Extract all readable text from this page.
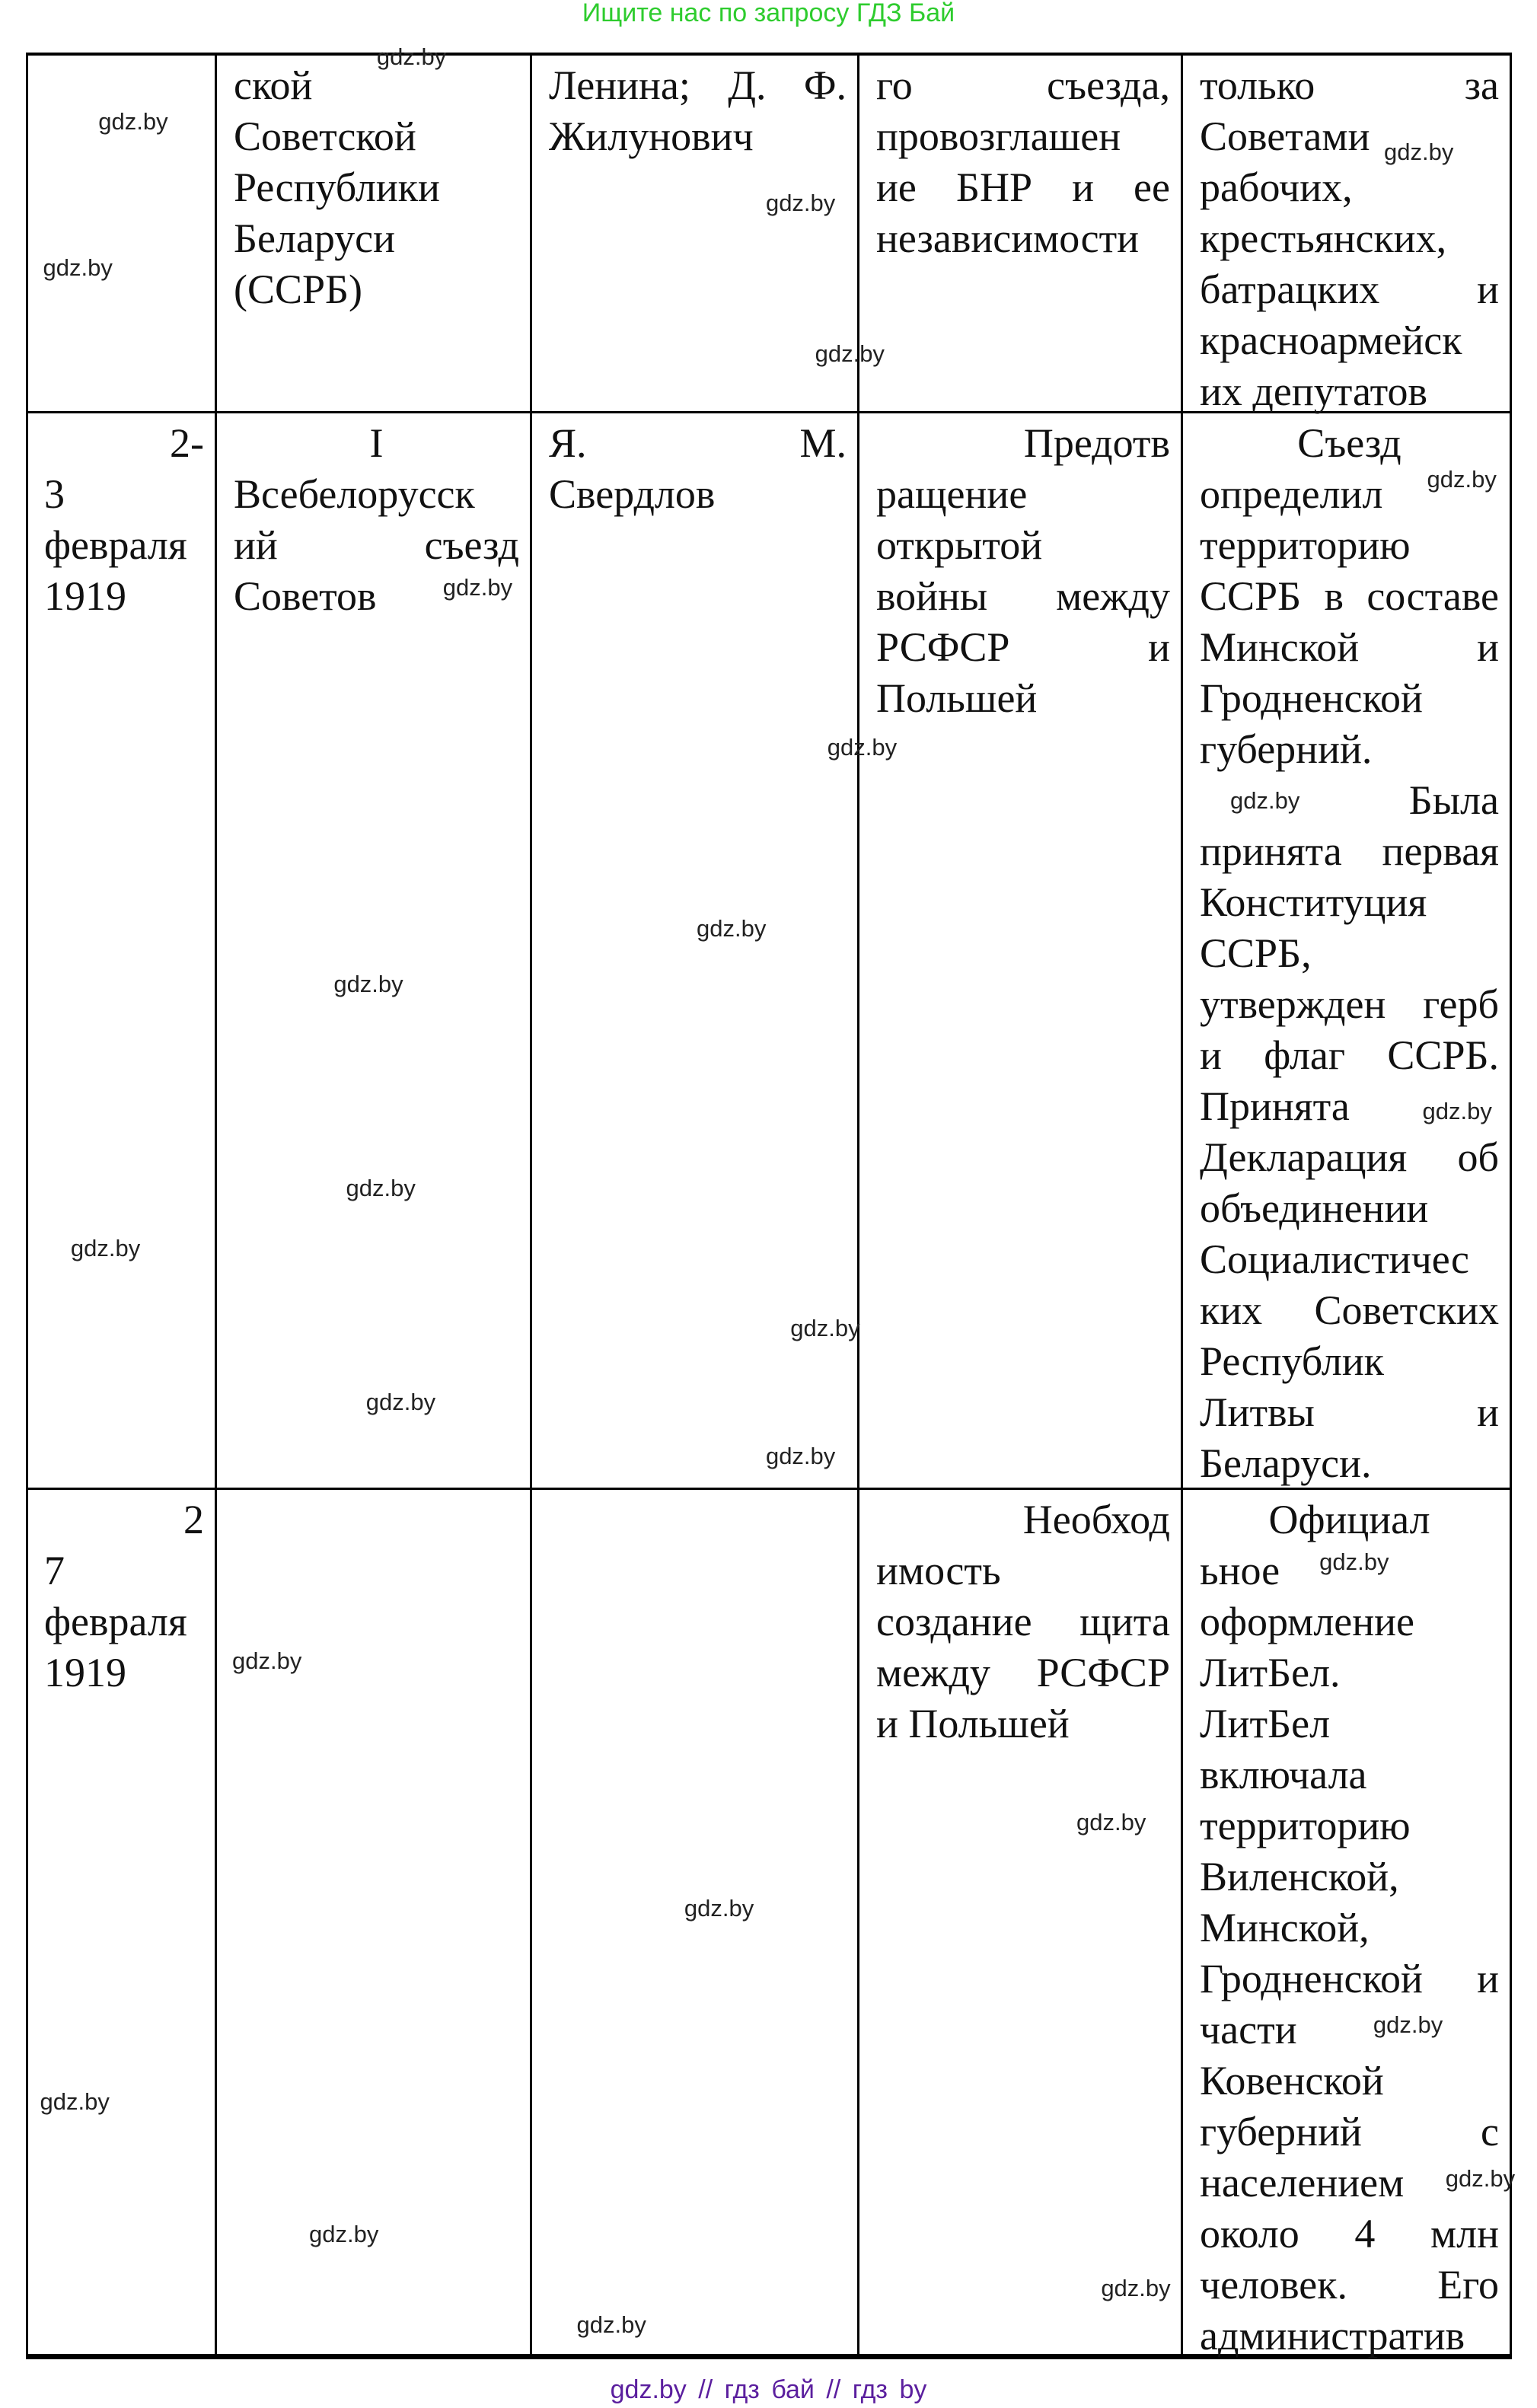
Ищите нас по запросу ГДЗ Бай
gdz.by // гдз бай // гдз by
ской
Советской
Республики
Беларуси
(ССРБ)
Ленина; Д. Ф.
Жилунович
го съезда,
провозглашен
ие БНР и ее
независимости
только за
Советами
рабочих,
крестьянских,
батрацких и
красноармейск
их депутатов
2-
3
февраля
1919
I
Всебелорусск
ий съезд
Советов
Я. М.
Свердлов
Предотв
ращение
открытой
войны между
РСФСР и
Польшей
Съезд
определил
территорию
ССРБ в составе
Минской и
Гродненской
губерний.
Была
принята первая
Конституция
ССРБ,
утвержден герб
и флаг ССРБ.
Принята
Декларация об
объединении
Социалистичес
ких Советских
Республик
Литвы и
Беларуси.
2
7
февраля
1919
Необход
имость
создание щита
между РСФСР
и Польшей
Официал
ьное
оформление
ЛитБел.
ЛитБел
включала
территорию
Виленской,
Минской,
Гродненской и
части
Ковенской
губерний с
населением
около 4 млн
человек. Его
административ
gdz.by
gdz.by
gdz.by
gdz.by
gdz.by
gdz.by
gdz.by
gdz.by
gdz.by
gdz.by
gdz.by
gdz.by
gdz.by
gdz.by
gdz.by
gdz.by
gdz.by
gdz.by
gdz.by
gdz.by
gdz.by
gdz.by
gdz.by
gdz.by
gdz.by
gdz.by
gdz.by
gdz.by
